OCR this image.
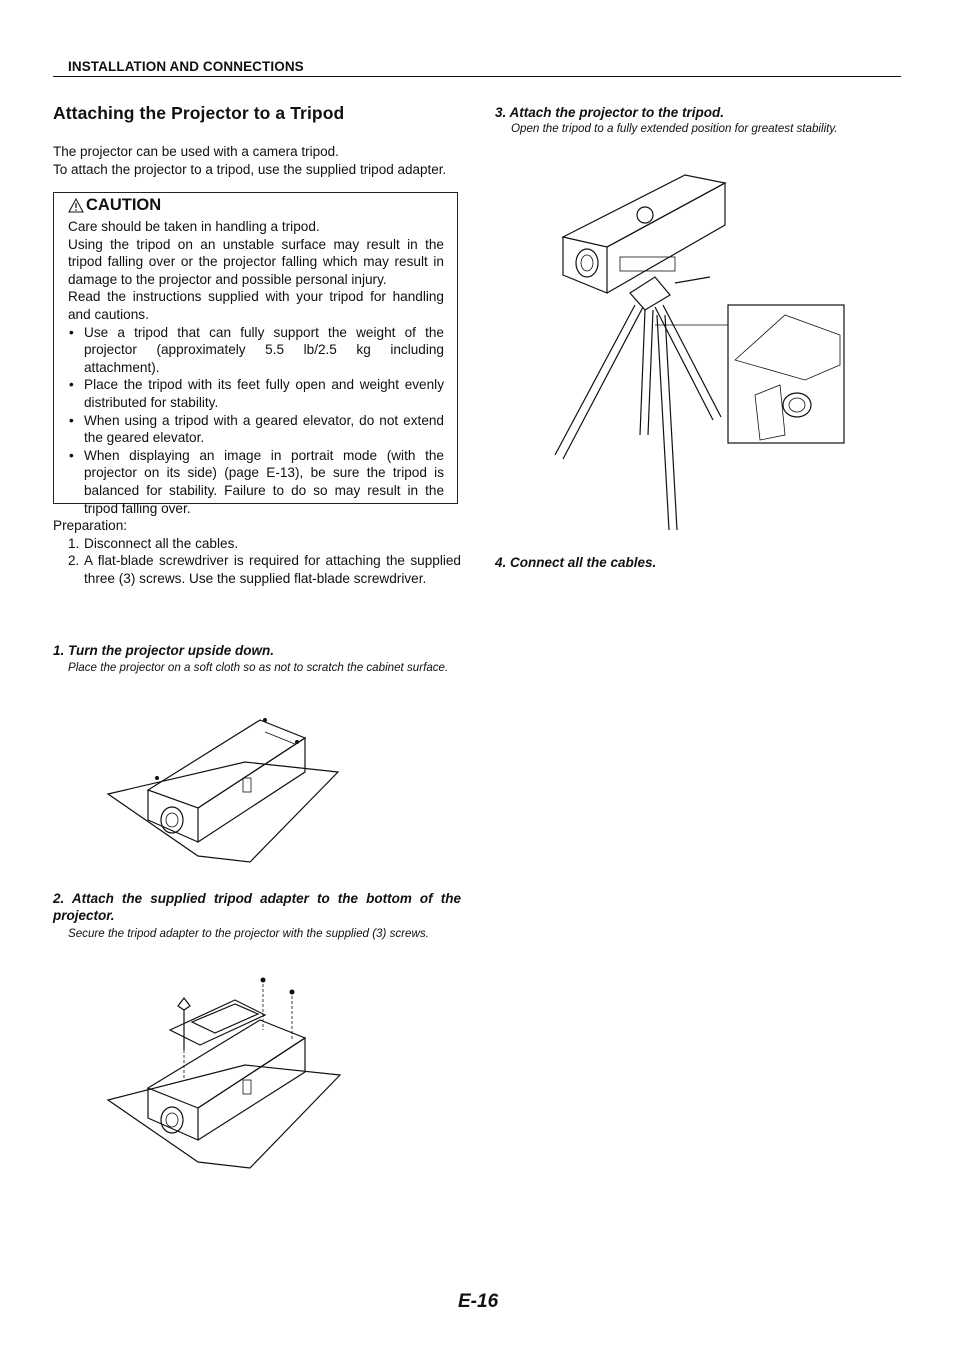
INSTALLATION AND CONNECTIONS
Attaching the Projector to a Tripod
The projector can be used with a camera tripod.
To attach the projector to a tripod, use the supplied tripod adapter.
CAUTION

Care should be taken in handling a tripod.

Using the tripod on an unstable surface may result in the tripod falling over or the projector falling which may result in damage to the projector and possible personal injury.

Read the instructions supplied with your tripod for handling and cautions.

• Use a tripod that can fully support the weight of the projector (approximately 5.5 lb/2.5 kg including attachment).
• Place the tripod with its feet fully open and weight evenly distributed for stability.
• When using a tripod with a geared elevator, do not extend the geared elevator.
• When displaying an image in portrait mode (with the projector on its side) (page E-13), be sure the tripod is balanced for stability. Failure to do so may result in the tripod falling over.
Preparation:
1. Disconnect all the cables.
2. A flat-blade screwdriver is required for attaching the supplied three (3) screws. Use the supplied flat-blade screwdriver.
1. Turn the projector upside down.
Place the projector on a soft cloth so as not to scratch the cabinet surface.
2. Attach the supplied tripod adapter to the bottom of the projector.
Secure the tripod adapter to the projector with the supplied (3) screws.
3. Attach the projector to the tripod.
Open the tripod to a fully extended position for greatest stability.
4. Connect all the cables.
E-16
